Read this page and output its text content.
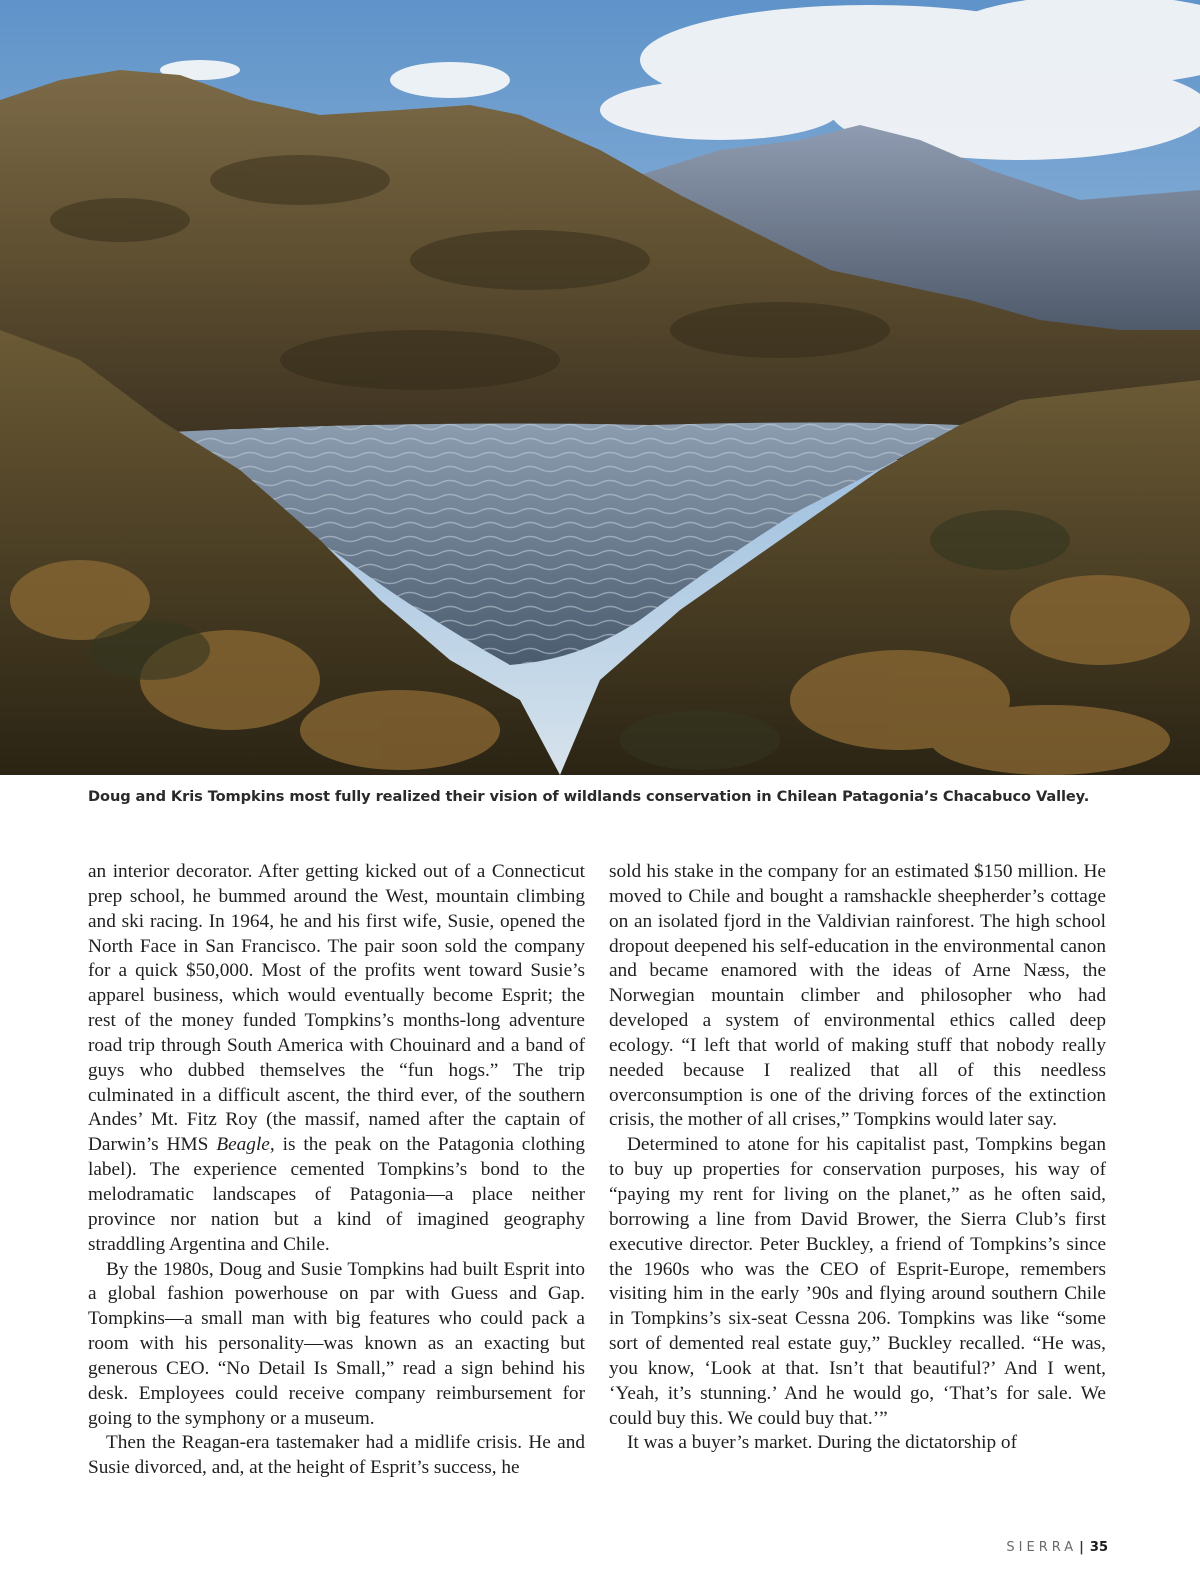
Doug and Kris Tompkins most fully realized their vision of wildlands conservation in Chilean Patagonia’s Chacabuco Valley.

an interior decorator. After getting kicked out of a Connecticut prep school, he bummed around the West, mountain climbing and ski racing. In 1964, he and his first wife, Susie, opened the North Face in San Francisco. The pair soon sold the company for a quick $50,000. Most of the profits went toward Susie’s apparel business, which would eventually become Esprit; the rest of the money funded Tompkins’s months-long adventure road trip through South America with Chouinard and a band of guys who dubbed themselves the “fun hogs.” The trip culminated in a difficult ascent, the third ever, of the southern Andes’ Mt. Fitz Roy (the massif, named after the captain of Darwin’s HMS Beagle, is the peak on the Patagonia clothing label). The experience cemented Tompkins’s bond to the melodramatic landscapes of Patagonia—a place neither province nor nation but a kind of imagined geography straddling Argentina and Chile.

By the 1980s, Doug and Susie Tompkins had built Esprit into a global fashion powerhouse on par with Guess and Gap. Tompkins—a small man with big features who could pack a room with his personality—was known as an exacting but generous CEO. “No Detail Is Small,” read a sign behind his desk. Employees could receive company reimbursement for going to the symphony or a museum.

Then the Reagan-era tastemaker had a midlife crisis. He and Susie divorced, and, at the height of Esprit’s success, he

sold his stake in the company for an estimated $150 million. He moved to Chile and bought a ramshackle sheepherder’s cottage on an isolated fjord in the Valdivian rainforest. The high school dropout deepened his self-education in the environmental canon and became enamored with the ideas of Arne Næss, the Norwegian mountain climber and philosopher who had developed a system of environmental ethics called deep ecology. “I left that world of making stuff that nobody really needed because I realized that all of this needless overconsumption is one of the driving forces of the extinction crisis, the mother of all crises,” Tompkins would later say.

Determined to atone for his capitalist past, Tompkins began to buy up properties for conservation purposes, his way of “paying my rent for living on the planet,” as he often said, borrowing a line from David Brower, the Sierra Club’s first executive director. Peter Buckley, a friend of Tompkins’s since the 1960s who was the CEO of Esprit-Europe, remembers visiting him in the early ’90s and flying around southern Chile in Tompkins’s six-seat Cessna 206. Tompkins was like “some sort of demented real estate guy,” Buckley recalled. “He was, you know, ‘Look at that. Isn’t that beautiful?’ And I went, ‘Yeah, it’s stunning.’ And he would go, ‘That’s for sale. We could buy this. We could buy that.’”

It was a buyer’s market. During the dictatorship of

SIERRA | 35
